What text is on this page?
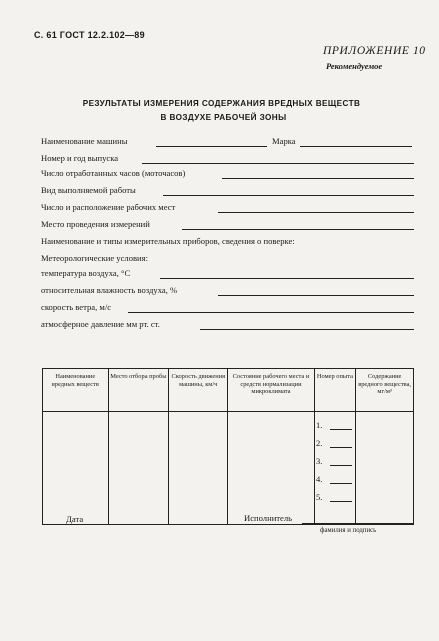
С. 61 ГОСТ 12.2.102—89
ПРИЛОЖЕНИЕ 10
Рекомендуемое
РЕЗУЛЬТАТЫ ИЗМЕРЕНИЯ СОДЕРЖАНИЯ ВРЕДНЫХ ВЕЩЕСТВ
В ВОЗДУХЕ РАБОЧЕЙ ЗОНЫ
Наименование машины	Марка
Номер и год выпуска
Число отработанных часов (моточасов)
Вид выполняемой работы
Число и расположение рабочих мест
Место проведения измерений
Наименование и типы измерительных приборов, сведения о поверке:
Метеорологические условия:
температура воздуха, °С
относительная влажность воздуха, %
скорость ветра, м/с
атмосферное давление мм рт. ст.
Наименование вредных веществ	Место отбора пробы	Скорость движения машины, км/ч	Состояние рабочего места и средств нормализации микроклимата	Номер опыта	Содержание вредного вещества, мг/м³

1.
2.
3.
4.
5.
Дата	Исполнитель
фамилия и подпись
